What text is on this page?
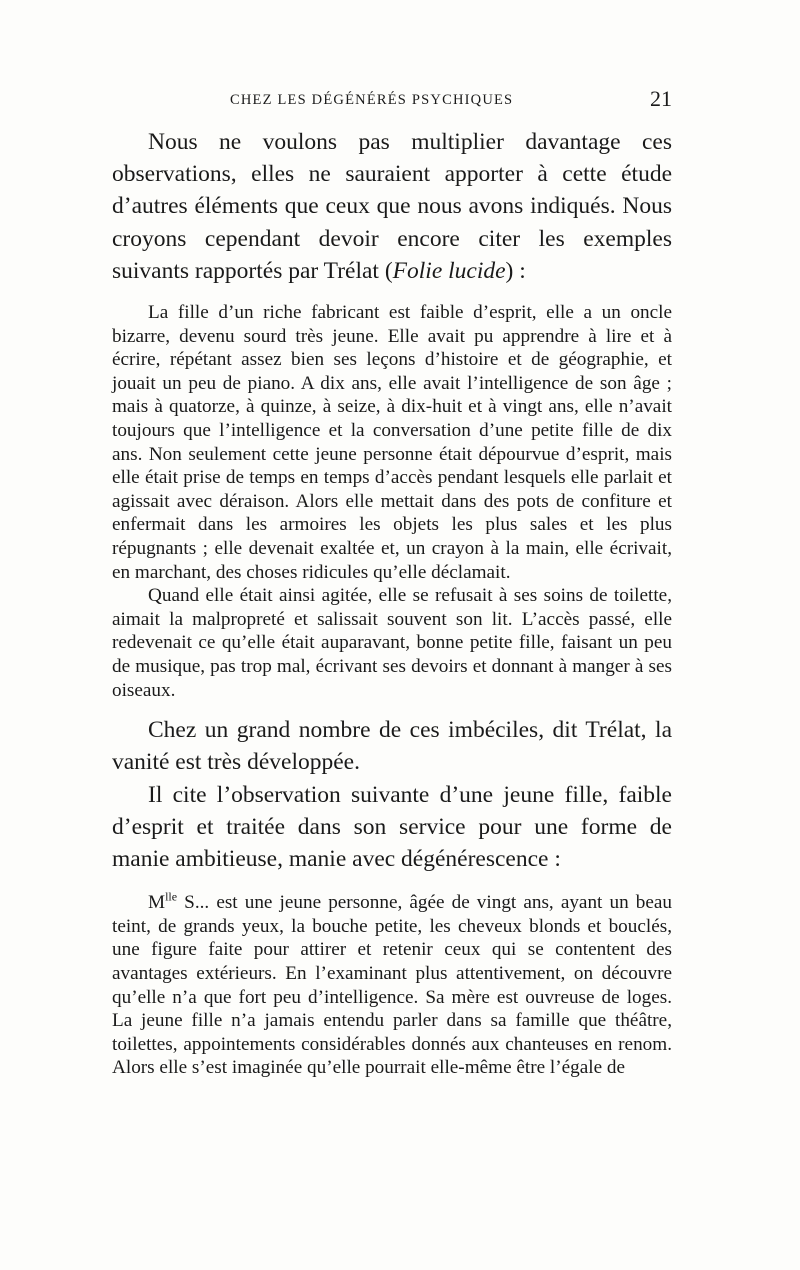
CHEZ LES DÉGÉNÉRÉS PSYCHIQUES	21

Nous ne voulons pas multiplier davantage ces observations, elles ne sauraient apporter à cette étude d’autres éléments que ceux que nous avons indiqués. Nous croyons cependant devoir encore citer les exemples suivants rapportés par Trélat (Folie lucide) :

La fille d’un riche fabricant est faible d’esprit, elle a un oncle bizarre, devenu sourd très jeune. Elle avait pu apprendre à lire et à écrire, répétant assez bien ses leçons d’histoire et de géographie, et jouait un peu de piano. A dix ans, elle avait l’intelligence de son âge ; mais à quatorze, à quinze, à seize, à dix-huit et à vingt ans, elle n’avait toujours que l’intelligence et la conversation d’une petite fille de dix ans. Non seulement cette jeune personne était dépourvue d’esprit, mais elle était prise de temps en temps d’accès pendant lesquels elle parlait et agissait avec déraison. Alors elle mettait dans des pots de confiture et enfermait dans les armoires les objets les plus sales et les plus répugnants ; elle devenait exaltée et, un crayon à la main, elle écrivait, en marchant, des choses ridicules qu’elle déclamait.

Quand elle était ainsi agitée, elle se refusait à ses soins de toilette, aimait la malpropreté et salissait souvent son lit. L’accès passé, elle redevenait ce qu’elle était auparavant, bonne petite fille, faisant un peu de musique, pas trop mal, écrivant ses devoirs et donnant à manger à ses oiseaux.

Chez un grand nombre de ces imbéciles, dit Trélat, la vanité est très développée.

Il cite l’observation suivante d’une jeune fille, faible d’esprit et traitée dans son service pour une forme de manie ambitieuse, manie avec dégénérescence :

$M^{lle}$ S... est une jeune personne, âgée de vingt ans, ayant un beau teint, de grands yeux, la bouche petite, les cheveux blonds et bouclés, une figure faite pour attirer et retenir ceux qui se contentent des avantages extérieurs. En l’examinant plus attentivement, on découvre qu’elle n’a que fort peu d’intelligence. Sa mère est ouvreuse de loges. La jeune fille n’a jamais entendu parler dans sa famille que théâtre, toilettes, appointements considérables donnés aux chanteuses en renom. Alors elle s’est imaginée qu’elle pourrait elle-même être l’égale de
